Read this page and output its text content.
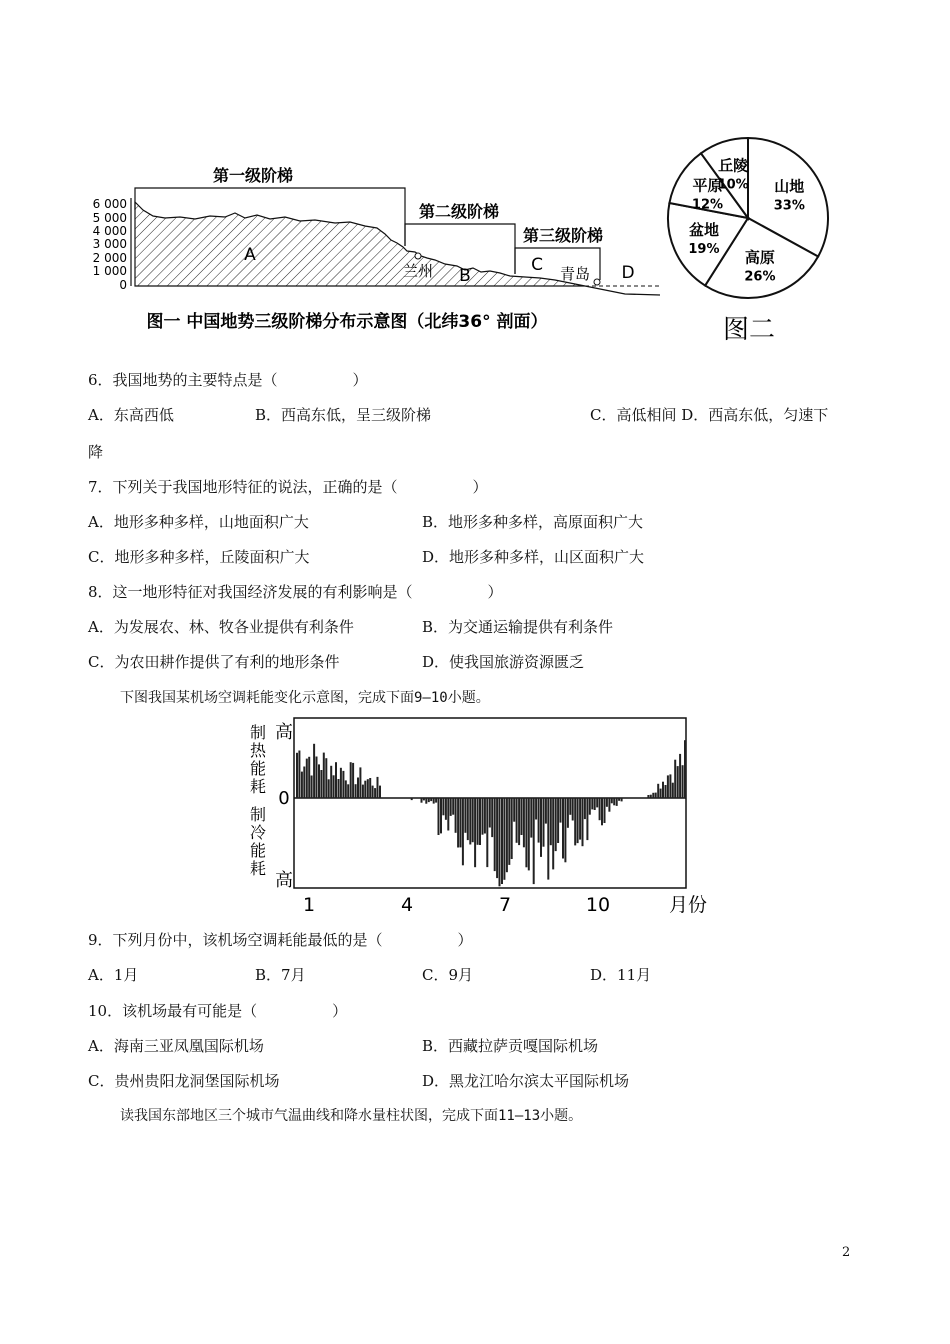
6 000
5 000
4 000
3 000
2 000
1 000
0
第一级阶梯
第二级阶梯
第三级阶梯
A
B
C	D
兰州	青岛
图一 中国地势三级阶梯分布示意图（北纬36° 剖面）
山地
33%
高原
26%
盆地
19%
平原
12%
丘陵
10%
图二
6．我国地势的主要特点是（　　　　　）
A．东高西低	B．西高东低，呈三级阶梯	C．高低相间 D．西高东低，匀速下
降
7．下列关于我国地形特征的说法，正确的是（　　　　　）
A．地形多种多样，山地面积广大	B．地形多种多样，高原面积广大
C．地形多种多样，丘陵面积广大	D．地形多种多样，山区面积广大
8．这一地形特征对我国经济发展的有利影响是（　　　　　）
A．为发展农、林、牧各业提供有利条件	B．为交通运输提供有利条件
C．为农田耕作提供了有利的地形条件	D．使我国旅游资源匮乏
下图我国某机场空调耗能变化示意图，完成下面9—10小题。
制
热
能
耗
制
冷
能
耗
高
0
高
1	4	7	10	月份
9．下列月份中，该机场空调耗能最低的是（　　　　　）
A．1月	B．7月	C．9月	D．11月
10．该机场最有可能是（　　　　　）
A．海南三亚凤凰国际机场	B．西藏拉萨贡嘎国际机场
C．贵州贵阳龙洞堡国际机场	D．黑龙江哈尔滨太平国际机场
读我国东部地区三个城市气温曲线和降水量柱状图，完成下面11—13小题。
2
